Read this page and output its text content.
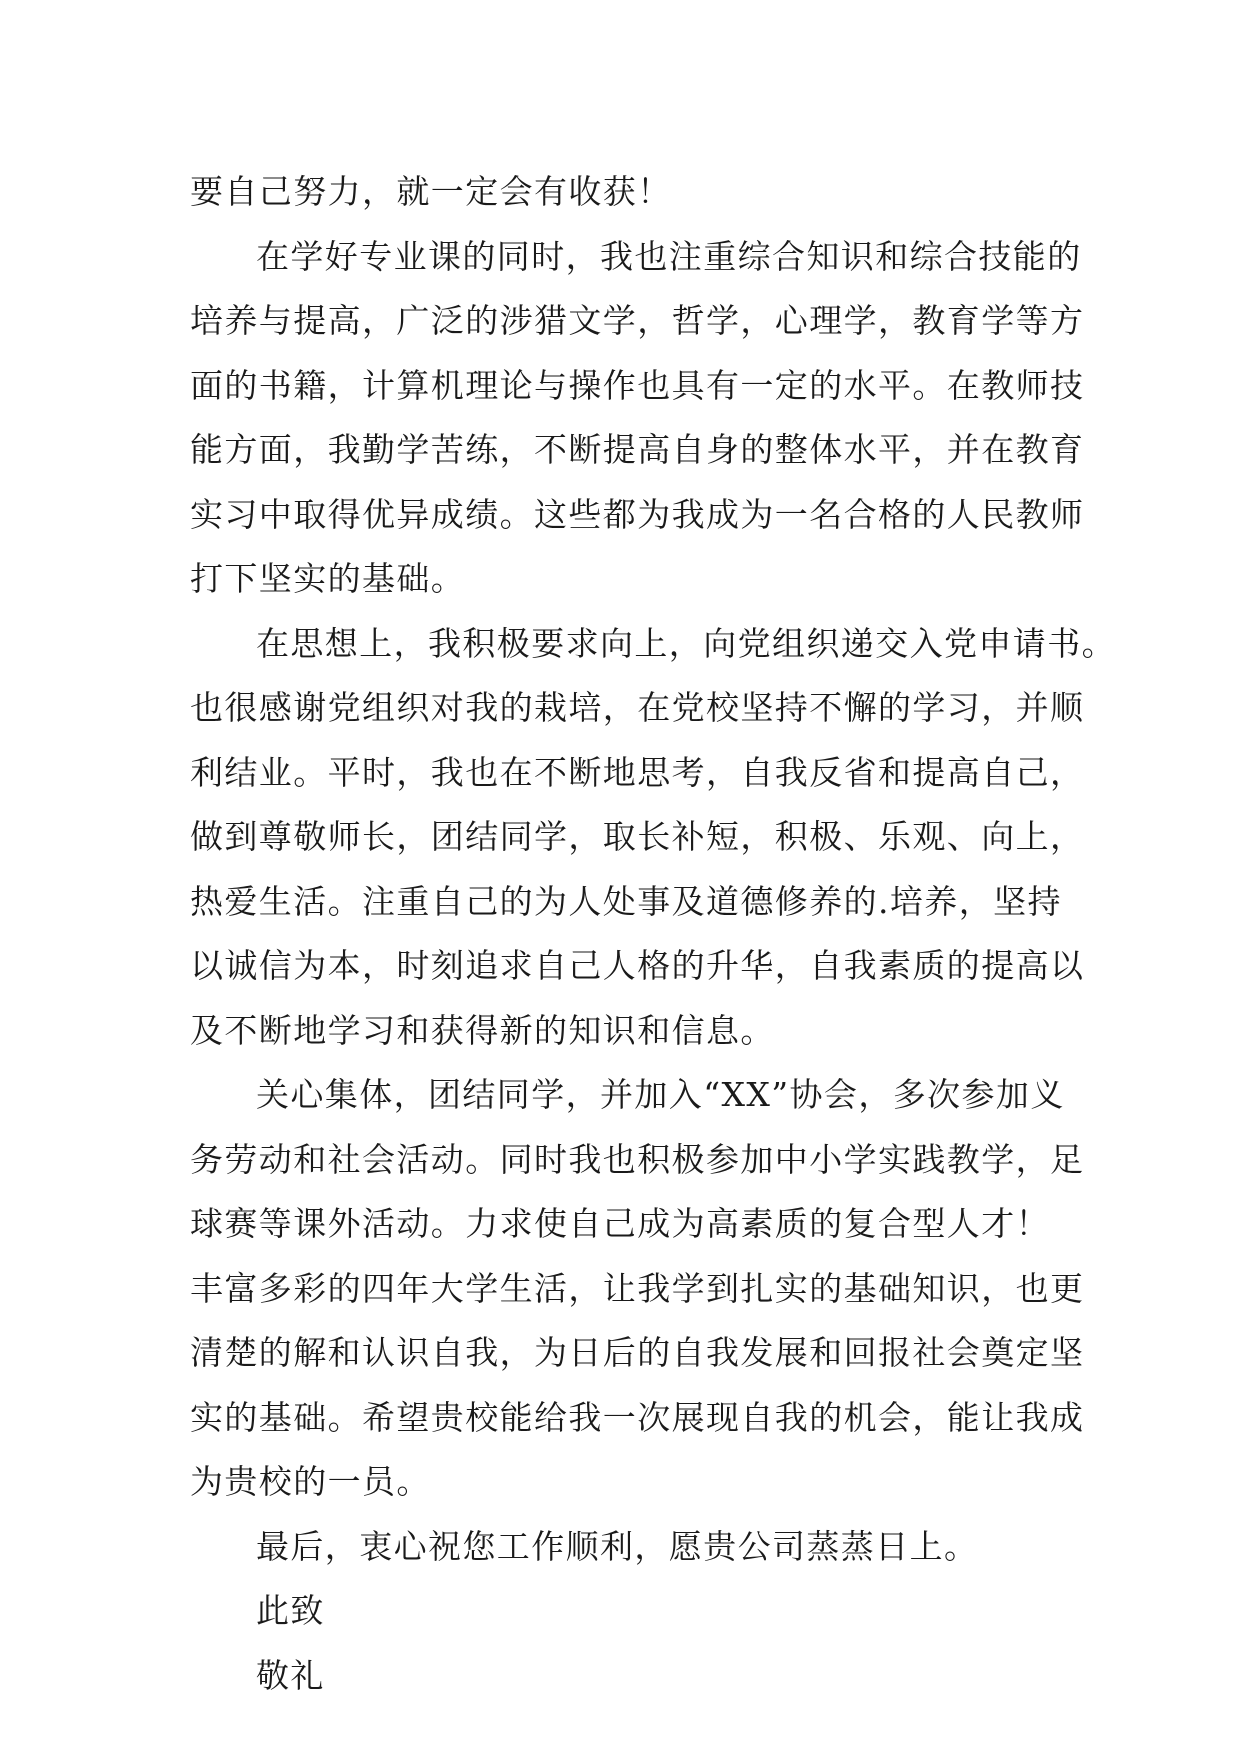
要自己努力，就一定会有收获！
在学好专业课的同时，我也注重综合知识和综合技能的
培养与提高，广泛的涉猎文学，哲学，心理学，教育学等方
面的书籍，计算机理论与操作也具有一定的水平。在教师技
能方面，我勤学苦练，不断提高自身的整体水平，并在教育
实习中取得优异成绩。这些都为我成为一名合格的人民教师
打下坚实的基础。
在思想上，我积极要求向上，向党组织递交入党申请书。
也很感谢党组织对我的栽培，在党校坚持不懈的学习，并顺
利结业。平时，我也在不断地思考，自我反省和提高自己，
做到尊敬师长，团结同学，取长补短，积极、乐观、向上，
热爱生活。注重自己的为人处事及道德修养的.培养，坚持
以诚信为本，时刻追求自己人格的升华，自我素质的提高以
及不断地学习和获得新的知识和信息。
关心集体，团结同学，并加入“XX”协会，多次参加义
务劳动和社会活动。同时我也积极参加中小学实践教学，足
球赛等课外活动。力求使自己成为高素质的复合型人才！
丰富多彩的四年大学生活，让我学到扎实的基础知识，也更
清楚的解和认识自我，为日后的自我发展和回报社会奠定坚
实的基础。希望贵校能给我一次展现自我的机会，能让我成
为贵校的一员。
最后，衷心祝您工作顺利，愿贵公司蒸蒸日上。
此致
敬礼
